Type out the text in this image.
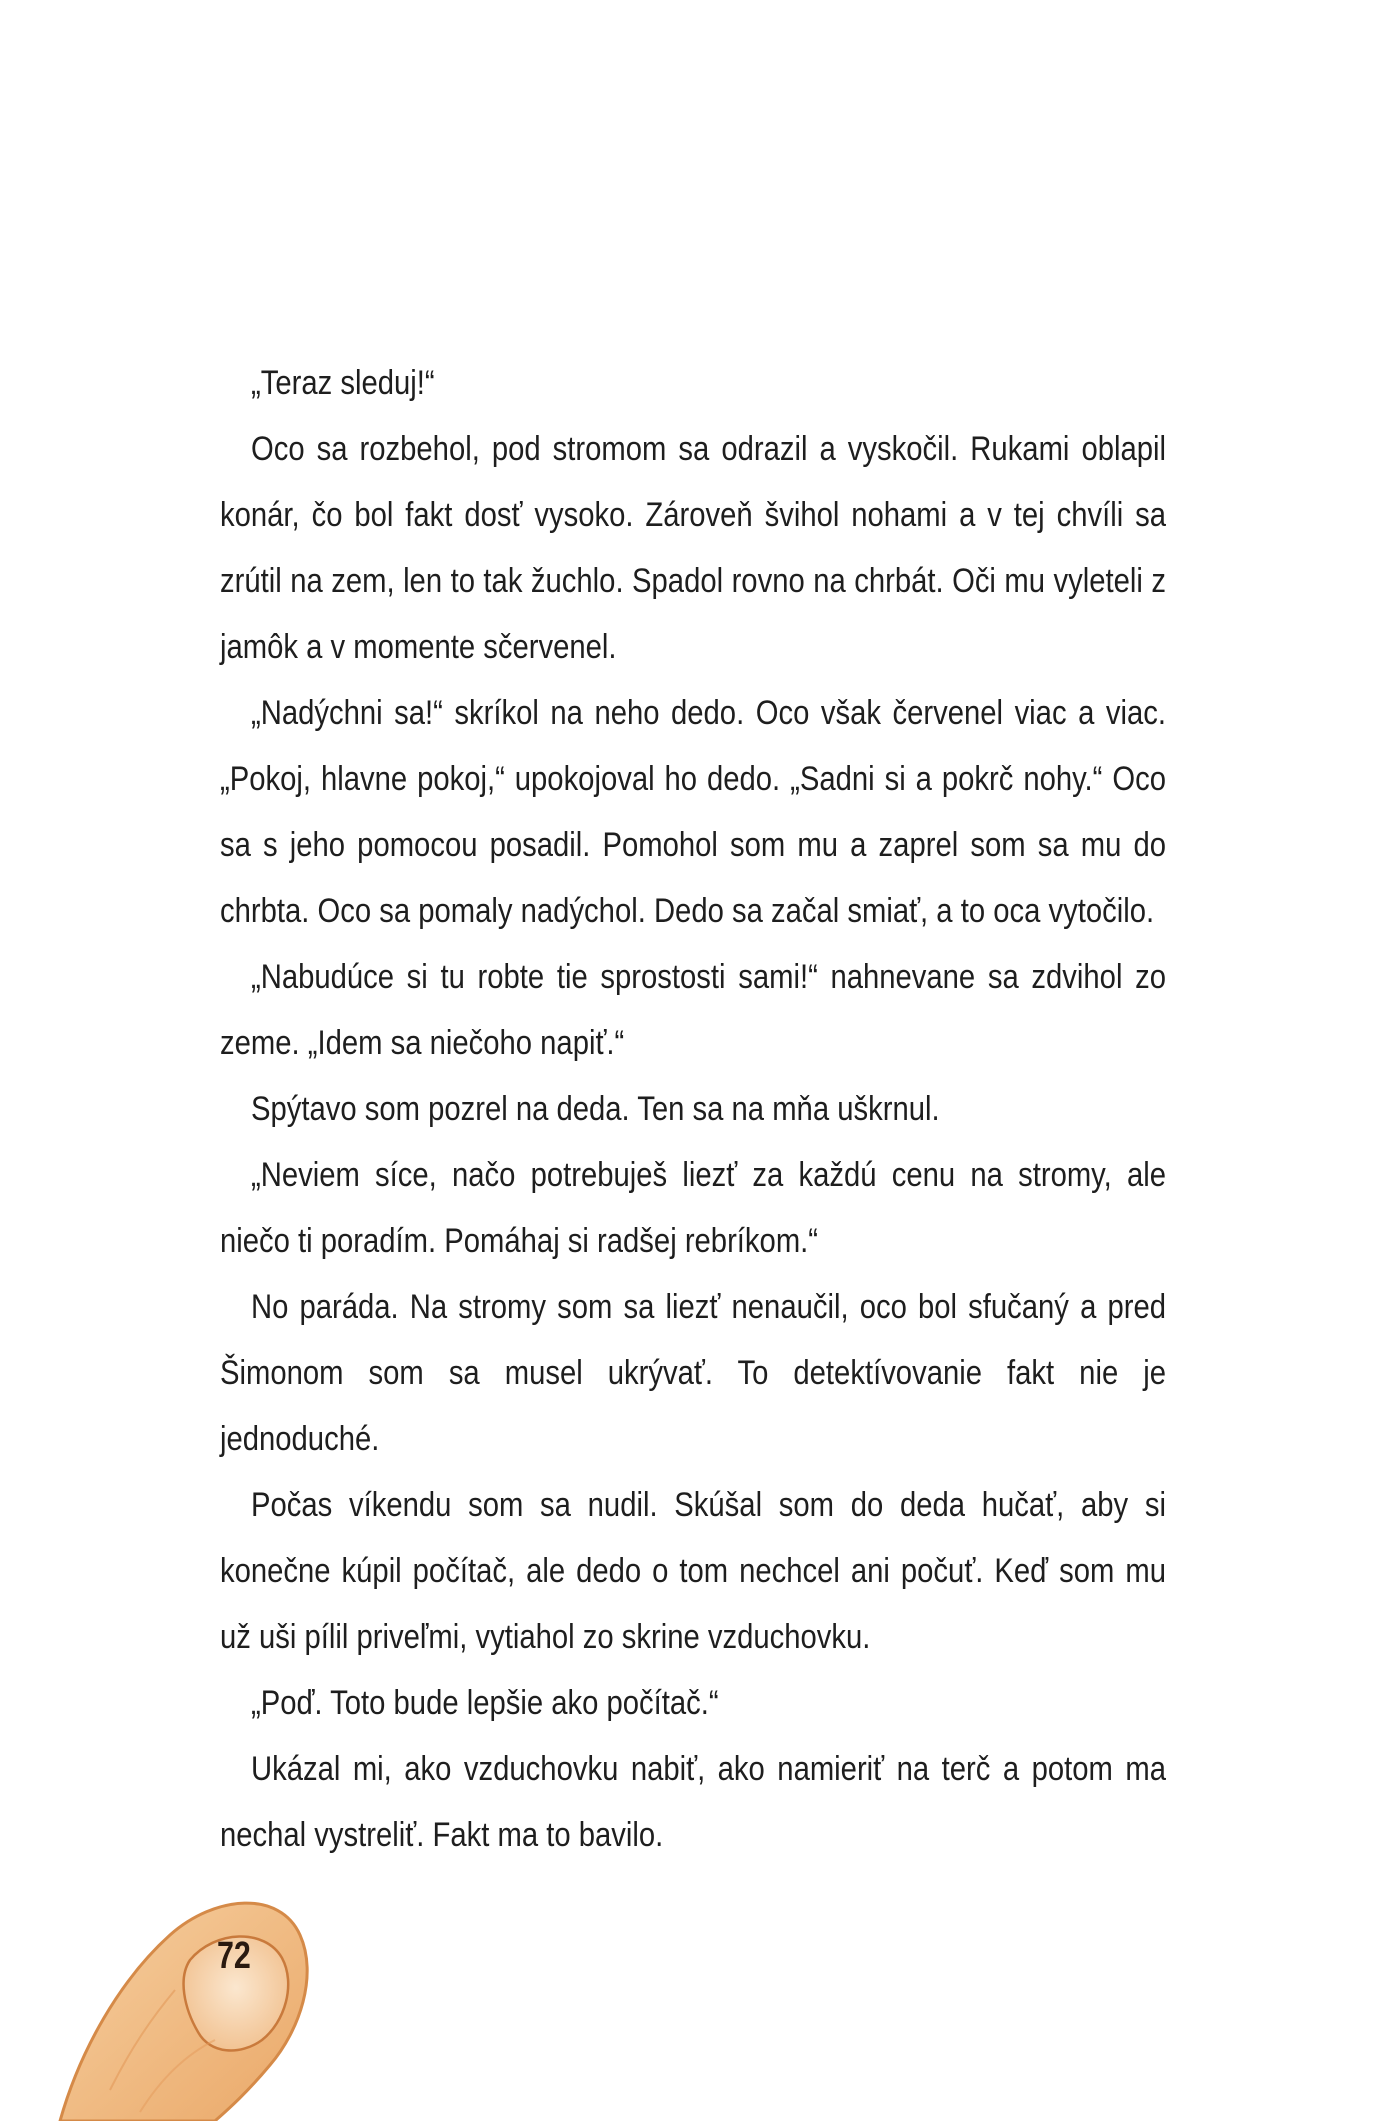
„Teraz sleduj!“

Oco sa rozbehol, pod stromom sa odrazil a vyskočil. Rukami oblapil konár, čo bol fakt dosť vysoko. Zároveň švihol nohami a v tej chvíli sa zrútil na zem, len to tak žuchlo. Spadol rovno na chrbát. Oči mu vyleteli z jamôk a v momente sčervenel.

„Nadýchni sa!“ skríkol na neho dedo. Oco však červenel viac a viac. „Pokoj, hlavne pokoj,“ upokojoval ho dedo. „Sadni si a pokrč nohy.“ Oco sa s jeho pomocou posadil. Pomohol som mu a zaprel som sa mu do chrbta. Oco sa pomaly nadýchol. Dedo sa začal smiať, a to oca vytočilo.

„Nabudúce si tu robte tie sprostosti sami!“ nahnevane sa zdvihol zo zeme. „Idem sa niečoho napiť.“

Spýtavo som pozrel na deda. Ten sa na mňa uškrnul.

„Neviem síce, načo potrebuješ liezť za každú cenu na stromy, ale niečo ti poradím. Pomáhaj si radšej rebríkom.“

No paráda. Na stromy som sa liezť nenaučil, oco bol sfučaný a pred Šimonom som sa musel ukrývať. To detektívovanie fakt nie je jednoduché.

Počas víkendu som sa nudil. Skúšal som do deda hučať, aby si konečne kúpil počítač, ale dedo o tom nechcel ani počuť. Keď som mu už uši pílil priveľmi, vytiahol zo skrine vzduchovku.

„Poď. Toto bude lepšie ako počítač.“

Ukázal mi, ako vzduchovku nabiť, ako namieriť na terč a potom ma nechal vystreliť. Fakt ma to bavilo.

72
